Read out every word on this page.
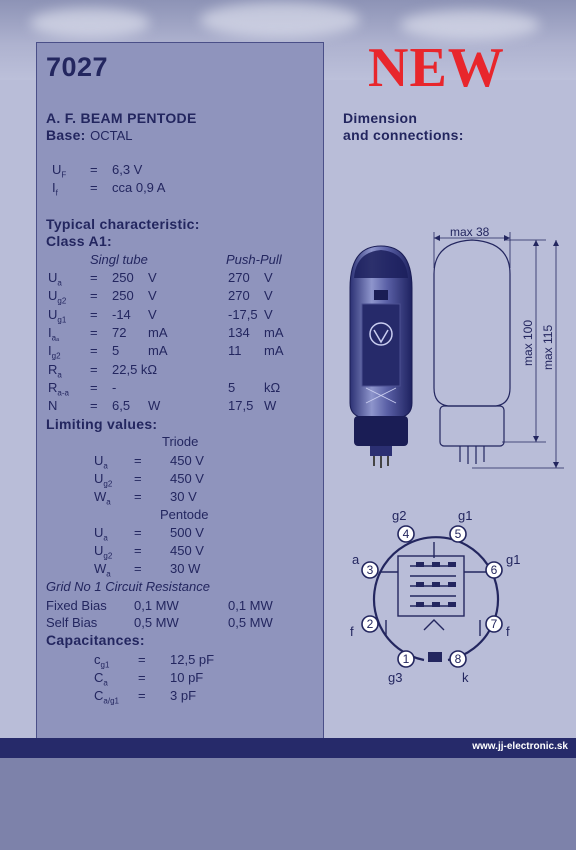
www.jj-electronic.sk
7027	NEW
A. F. BEAM PENTODE
Base: OCTAL
$U_F = 6,3$ V
$I_f$ = cca 0,9 A
Typical characteristic:
Class A1:
Singl tube	Push-Pull
$U_a = 250$ V	270 V
$U_{g2} = 250$ V	270 V
$U_{g1} = -14$ V	-17,5 V
$I_{a_a} = 72$ mA	134 mA
$I_{g2} = 5$ mA	11 mA
$R_a = 22,5$ kΩ
$R_{a-a}$ = -	5 kΩ
N	= 6,5 W	17,5 W
Limiting values:
Triode
$U_a = 450$ V
$U_{g2} = 450$ V
$W_a = 30$ V
Pentode
$U_a = 500$ V
$U_{g2} = 450$ V
$W_a = 30$ W
Grid No 1 Circuit Resistance
Fixed Bias 0,1 MW	0,1 MW
Self Bias	0,5 MW	0,5 MW
Capacitances:
$c_{g1} = 12,5$ pF
$C_a = 10$ pF
$C_{a/g1} = 3$ pF
Dimension
and connections:
max 38
max 100 max 115
1
2
3
4	5
6
7
8
g2	g1
g1
a
f	f
g3	k
